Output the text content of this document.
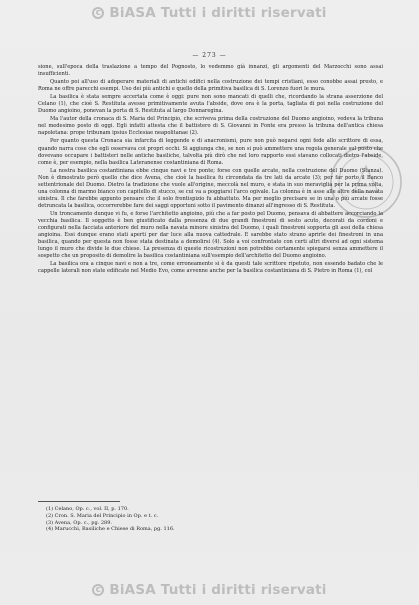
c BiASA Tutti i diritti riservati
— 273 —

sione, sull'epoca della traslazione a tempo del Pognosto, lo vedemmo già innanzi, gli argomenti del Marzocchi sono assai insufficienti.

Quanto poi all'uso di adoperare materiali di antichi edifici nella costruzione dei tempi cristiani, esso conobbe assai presto, e Roma ne offre parecchi esempi. Uso dei più antichi e quello della primitiva basilica di S. Lorenzo fuori le mura.

La basilica è stata sempre accertata come è oggi: pure non sono mancati di quelli che, ricordando la strana asserzione del Celano (1), che cioè S. Restituta avesse primitivamente avuta l'abside, dove ora è la porta, tagliata di poi nella costruzione del Duomo angioino, ponevan la porta di S. Restituta al largo Donnaregina.

Ma l'autor della cronaca di S. Maria del Principio, che scriveva prima della costruzione del Duomo angioino, vedeva la tribuna nel medesimo posto di oggi. Egli infatti attesta che il battistero di S. Giovanni in Fonte era presso la tribuna dell'antica chiesa napoletana: prope tribunam ipsius Ecclesiae neapolitanae (2).

Per quanto questa Cronaca sia infarcita di leggende e di anacronismi, pure non può negarsi ogni fede allo scrittore di essa, quando narra cose che egli osservava coi propri occhi. Si aggiunga che, se non si può ammettere una regola generale sul posto che dovevano occupare i battisteri nelle antiche basiliche, talvolta più dirò che nel loro rapporto essi stavano collocati dietro l'abside, come è, per esempio, nella basilica Lateranense costantiniana di Roma.

La nostra basilica costantiniana ebbe cinque navi e tre ponte; forse con quelle arcate, nella costruzione del Duomo (Stanza). Non è dimostrato però quello che dice Avena, che cioè la basilica fu circondata da tre lati da arcate (3); per far porto il Banco settentrionale del Duomo. Dietro la tradizione che vuole all'origine, meccolà nel muro, e stata in suo meraviglia per la prima volta, una colonna di marmo bianco con capitello di stucco, se cui va a poggiarsi l'arco ogivale. La colonna è in asse alle altre della navata sinistra. Il che farebbe appunto pensare che il solo frontispizio fu abbattuto. Ma per meglio precisare se in una o più arcate fosse detruncata la basilica, occorrerebbe fare dei saggi opportuni sotto il pavimento dinanzi all'ingresso di S. Restituta.

Un troncamento dunque vi fu, e forse l'architetto angioino, più che a far posto pel Duomo, pensava di abbattere accorciando la vecchia basilica. Il soggetto è ben giustificato dalla presenza di due grandi finestroni di sesto acuto, decorati da cordoni e configurati nella facciata anteriore del muro nella navata minore sinistra del Duomo, i quali finestroni sopporta gli assi della chiesa angioina. Essi dunque erano stati aperti per dar luce alla nuova cattedrale. E sarebbe stato strano aprirle dei finestroni in una basilica, quando per questa non fosse stata destinata a demolirsi (4). Solo a voi confrontato con certi altri diversi ad ogni sistema lungo il muro che divide le due chiese. La presenza di queste ricostruzioni non potrebbe certamente spiegarsi senza ammettere il sospetto che un proposito di demolire la basilica costantiniana sull'esempio dell'architetto del Duomo angioino.

La basilica ora a cinque navi e non a tre, come erroneamente si è da questi tale scrittore ripetuto, non essendo badato che le cappelle laterali non state edificate nel Medio Evo, come avvenne anche per la basilica costantiniana di S. Pietro in Roma (1), col

(1) Celano, Op. c., vol. II, p. 170.
(2) Cron. S. Maria del Principio in Op. e t. c.
(3) Avena, Op. c., pg. 289.
(4) Marucchi, Basiliche e Chiese di Roma, pg. 116.
c BiASA Tutti i diritti riservati
